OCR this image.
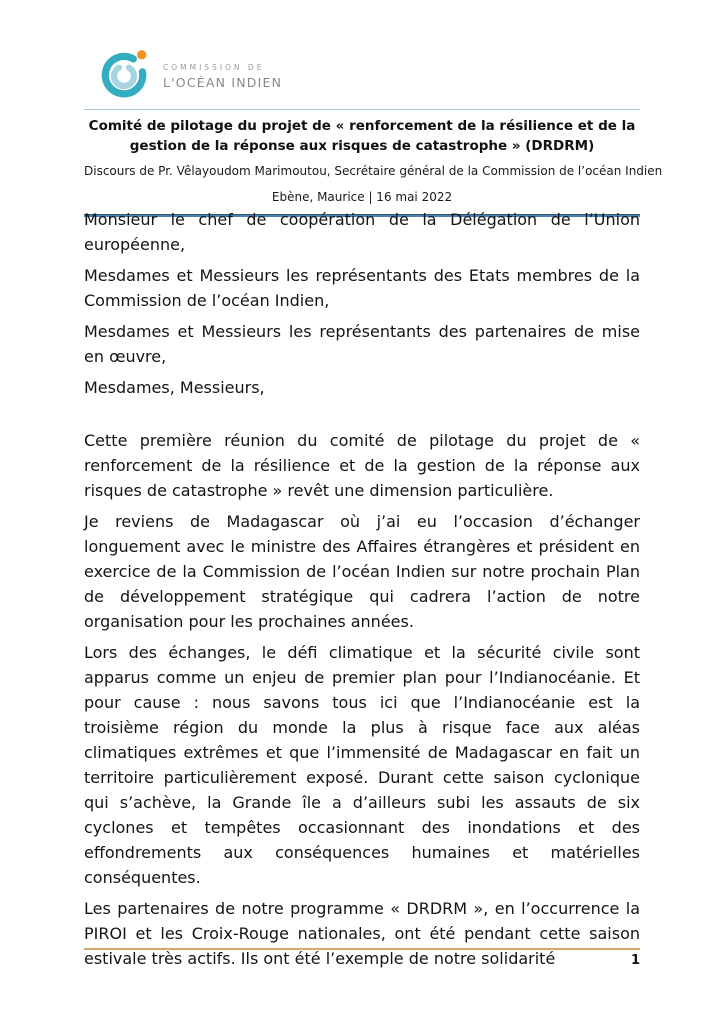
COMMISSION DE
L'OCÉAN INDIEN
Comité de pilotage du projet de « renforcement de la résilience et de la gestion de la réponse aux risques de catastrophe » (DRDRM)
Discours de Pr. Vêlayoudom Marimoutou, Secrétaire général de la Commission de l’océan Indien
Ebène, Maurice | 16 mai 2022

Monsieur le chef de coopération de la Délégation de l’Union européenne,

Mesdames et Messieurs les représentants des Etats membres de la Commission de l’océan Indien,

Mesdames et Messieurs les représentants des partenaires de mise en œuvre,

Mesdames, Messieurs,

Cette première réunion du comité de pilotage du projet de « renforcement de la résilience et de la gestion de la réponse aux risques de catastrophe » revêt une dimension particulière.

Je reviens de Madagascar où j’ai eu l’occasion d’échanger longuement avec le ministre des Affaires étrangères et président en exercice de la Commission de l’océan Indien sur notre prochain Plan de développement stratégique qui cadrera l’action de notre organisation pour les prochaines années.

Lors des échanges, le défi climatique et la sécurité civile sont apparus comme un enjeu de premier plan pour l’Indianocéanie. Et pour cause : nous savons tous ici que l’Indianocéanie est la troisième région du monde la plus à risque face aux aléas climatiques extrêmes et que l’immensité de Madagascar en fait un territoire particulièrement exposé. Durant cette saison cyclonique qui s’achève, la Grande île a d’ailleurs subi les assauts de six cyclones et tempêtes occasionnant des inondations et des effondrements aux conséquences humaines et matérielles conséquentes.

Les partenaires de notre programme « DRDRM », en l’occurrence la PIROI et les Croix-Rouge nationales, ont été pendant cette saison estivale très actifs. Ils ont été l’exemple de notre solidarité	1
